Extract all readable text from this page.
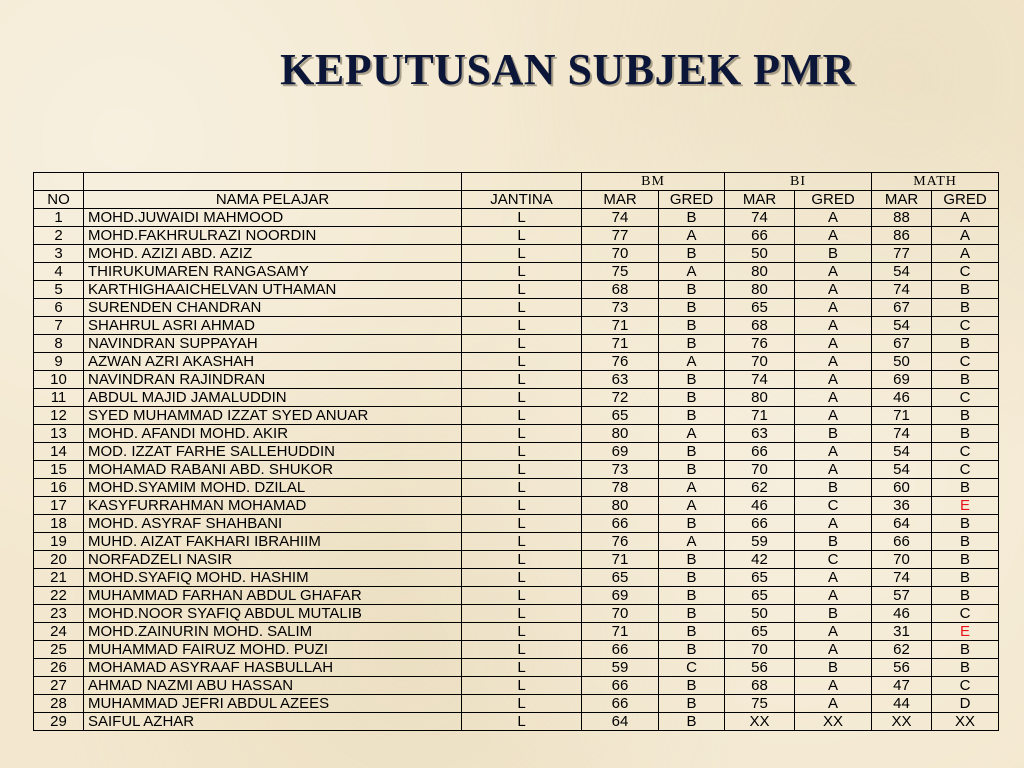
KEPUTUSAN SUBJEK PMR
			BM		BI		MATH	
NO	NAMA PELAJAR	JANTINA	MAR	GRED	MAR	GRED	MAR	GRED
1	MOHD.JUWAIDI MAHMOOD	L	74	B	74	A	88	A
2	MOHD.FAKHRULRAZI NOORDIN	L	77	A	66	A	86	A
3	MOHD. AZIZI ABD. AZIZ	L	70	B	50	B	77	A
4	THIRUKUMAREN RANGASAMY	L	75	A	80	A	54	C
5	KARTHIGHAAICHELVAN UTHAMAN	L	68	B	80	A	74	B
6	SURENDEN CHANDRAN	L	73	B	65	A	67	B
7	SHAHRUL ASRI AHMAD	L	71	B	68	A	54	C
8	NAVINDRAN SUPPAYAH	L	71	B	76	A	67	B
9	AZWAN AZRI AKASHAH	L	76	A	70	A	50	C
10	NAVINDRAN RAJINDRAN	L	63	B	74	A	69	B
11	ABDUL MAJID JAMALUDDIN	L	72	B	80	A	46	C
12	SYED MUHAMMAD IZZAT SYED ANUAR	L	65	B	71	A	71	B
13	MOHD. AFANDI MOHD. AKIR	L	80	A	63	B	74	B
14	MOD. IZZAT FARHE SALLEHUDDIN	L	69	B	66	A	54	C
15	MOHAMAD RABANI ABD. SHUKOR	L	73	B	70	A	54	C
16	MOHD.SYAMIM MOHD. DZILAL	L	78	A	62	B	60	B
17	KASYFURRAHMAN MOHAMAD	L	80	A	46	C	36	E
18	MOHD. ASYRAF SHAHBANI	L	66	B	66	A	64	B
19	MUHD. AIZAT FAKHARI IBRAHIIM	L	76	A	59	B	66	B
20	NORFADZELI NASIR	L	71	B	42	C	70	B
21	MOHD.SYAFIQ MOHD. HASHIM	L	65	B	65	A	74	B
22	MUHAMMAD FARHAN ABDUL GHAFAR	L	69	B	65	A	57	B
23	MOHD.NOOR SYAFIQ ABDUL MUTALIB	L	70	B	50	B	46	C
24	MOHD.ZAINURIN MOHD. SALIM	L	71	B	65	A	31	E
25	MUHAMMAD FAIRUZ MOHD. PUZI	L	66	B	70	A	62	B
26	MOHAMAD ASYRAAF HASBULLAH	L	59	C	56	B	56	B
27	AHMAD NAZMI ABU HASSAN	L	66	B	68	A	47	C
28	MUHAMMAD JEFRI ABDUL AZEES	L	66	B	75	A	44	D
29	SAIFUL AZHAR	L	64	B	XX	XX	XX	XX
